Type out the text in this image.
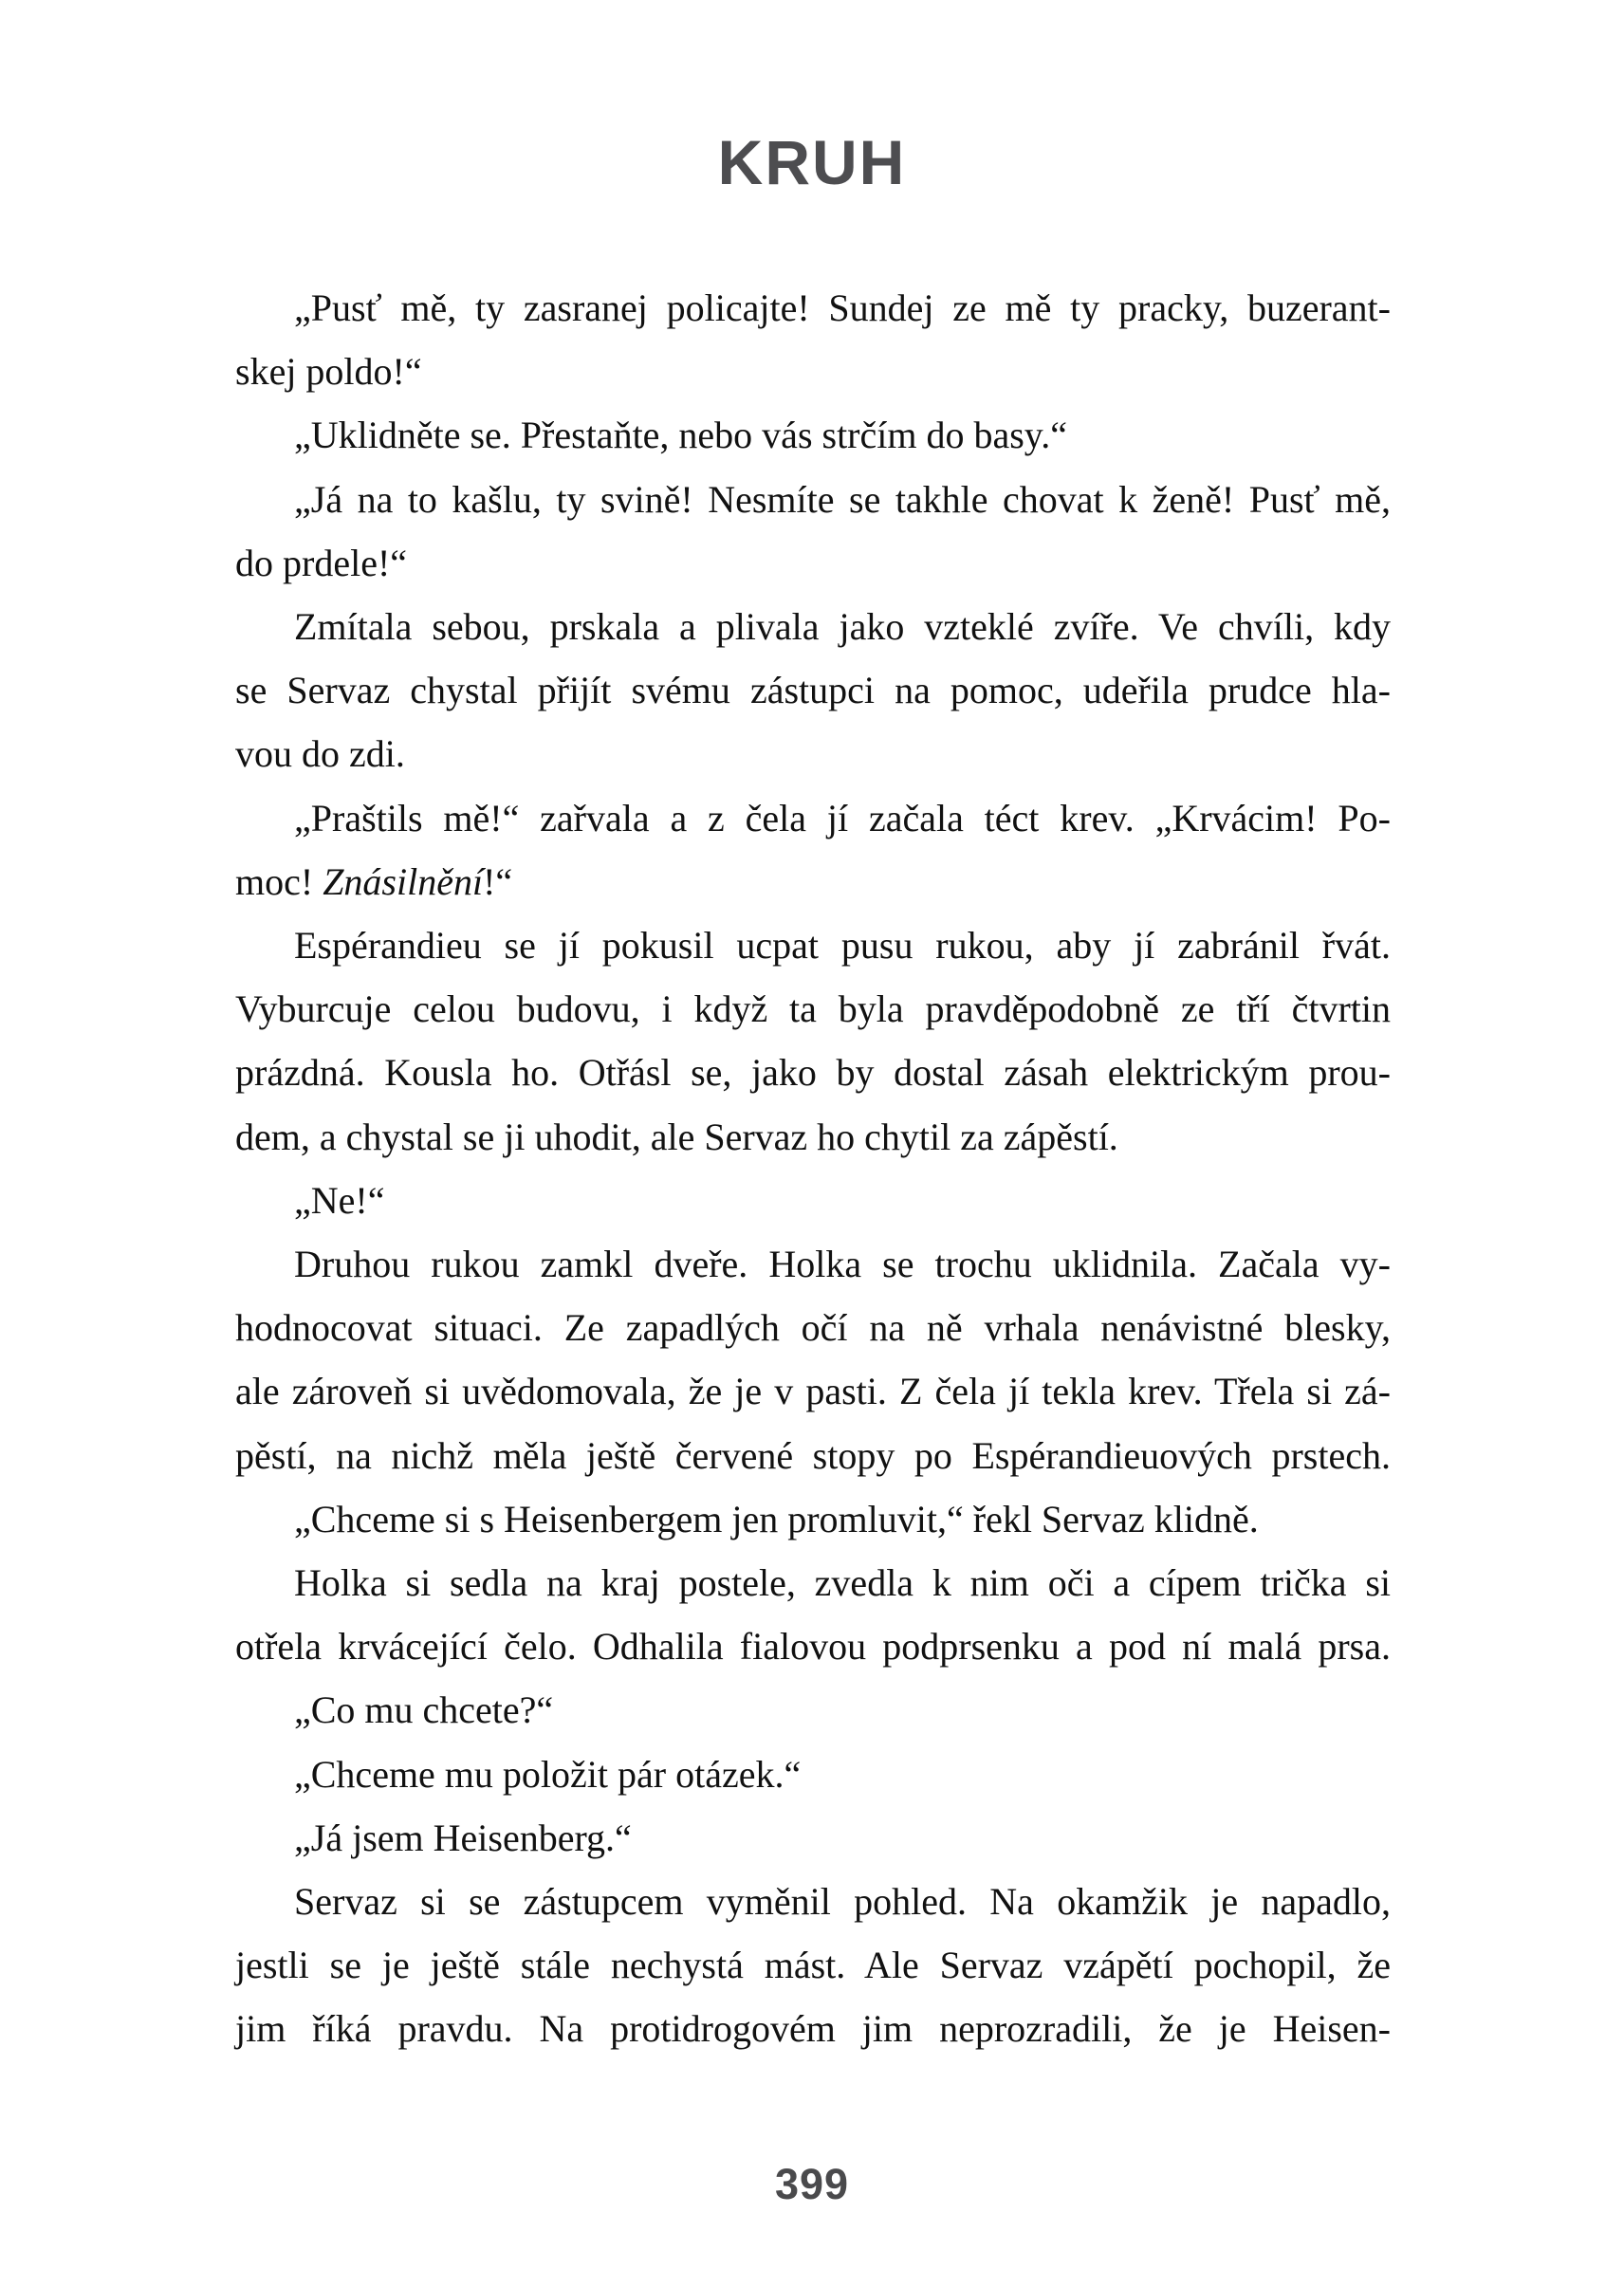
KRUH
„Pusť mě, ty zasranej policajte! Sundej ze mě ty pracky, buzerant-
skej poldo!“
„Uklidněte se. Přestaňte, nebo vás strčím do basy.“
„Já na to kašlu, ty svině! Nesmíte se takhle chovat k ženě! Pusť mě,
do prdele!“
Zmítala sebou, prskala a plivala jako vzteklé zvíře. Ve chvíli, kdy
se Servaz chystal přijít svému zástupci na pomoc, udeřila prudce hla-
vou do zdi.
„Praštils mě!“ zařvala a z čela jí začala téct krev. „Krvácim! Po-
moc! Znásilnění!“
Espérandieu se jí pokusil ucpat pusu rukou, aby jí zabránil řvát.
Vyburcuje celou budovu, i když ta byla pravděpodobně ze tří čtvrtin
prázdná. Kousla ho. Otřásl se, jako by dostal zásah elektrickým prou-
dem, a chystal se ji uhodit, ale Servaz ho chytil za zápěstí.
„Ne!“
Druhou rukou zamkl dveře. Holka se trochu uklidnila. Začala vy-
hodnocovat situaci. Ze zapadlých očí na ně vrhala nenávistné blesky,
ale zároveň si uvědomovala, že je v pasti. Z čela jí tekla krev. Třela si zá-
pěstí, na nichž měla ještě červené stopy po Espérandieuových prstech.
„Chceme si s Heisenbergem jen promluvit,“ řekl Servaz klidně.
Holka si sedla na kraj postele, zvedla k nim oči a cípem trička si
otřela krvácející čelo. Odhalila fialovou podprsenku a pod ní malá prsa.
„Co mu chcete?“
„Chceme mu položit pár otázek.“
„Já jsem Heisenberg.“
Servaz si se zástupcem vyměnil pohled. Na okamžik je napadlo,
jestli se je ještě stále nechystá mást. Ale Servaz vzápětí pochopil, že
jim říká pravdu. Na protidrogovém jim neprozradili, že je Heisen-
399
